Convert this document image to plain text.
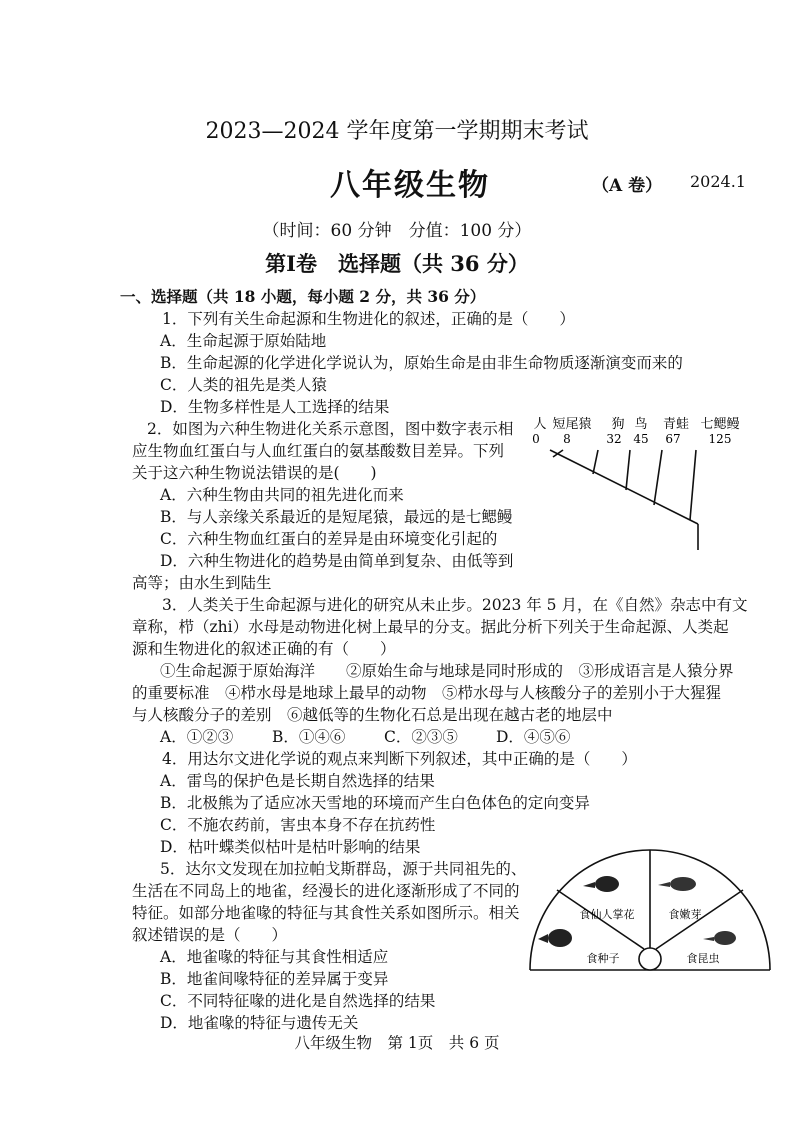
2023—2024 学年度第一学期期末考试
八年级生物	（A 卷） 2024.1
（时间：60 分钟　分值：100 分）
第Ⅰ卷　选择题（共 36 分）
一、选择题（共 18 小题，每小题 2 分，共 36 分）
1．下列有关生命起源和生物进化的叙述，正确的是（　　）
A．生命起源于原始陆地
B．生命起源的化学进化学说认为，原始生命是由非生命物质逐渐演变而来的
C．人类的祖先是类人猿
D．生物多样性是人工选择的结果
2．如图为六种生物进化关系示意图，图中数字表示相
应生物血红蛋白与人血红蛋白的氨基酸数目差异。下列
关于这六种生物说法错误的是(　　)
A．六种生物由共同的祖先进化而来
B．与人亲缘关系最近的是短尾猿，最远的是七鳃鳗
C．六种生物血红蛋白的差异是由环境变化引起的
D．六种生物进化的趋势是由简单到复杂、由低等到
高等；由水生到陆生
人 短尾猿 狗 鸟 青蛙 七鳃鳗
0 8	32 45 67 125
3．人类关于生命起源与进化的研究从未止步。2023 年 5 月，在《自然》杂志中有文
章称，栉（zhi）水母是动物进化树上最早的分支。据此分析下列关于生命起源、人类起
源和生物进化的叙述正确的有（　　）
①生命起源于原始海洋　　②原始生命与地球是同时形成的　③形成语言是人猿分界
的重要标准　④栉水母是地球上最早的动物　⑤栉水母与人核酸分子的差别小于大猩猩
与人核酸分子的差别　⑥越低等的生物化石总是出现在越古老的地层中
A．①②③	B．①④⑥ C．②③⑤ D．④⑤⑥
4．用达尔文进化学说的观点来判断下列叙述，其中正确的是（　　）
A．雷鸟的保护色是长期自然选择的结果
B．北极熊为了适应冰天雪地的环境而产生白色体色的定向变异
C．不施农药前，害虫本身不存在抗药性
D．枯叶蝶类似枯叶是枯叶影响的结果
5．达尔文发现在加拉帕戈斯群岛，源于共同祖先的、
生活在不同岛上的地雀，经漫长的进化逐渐形成了不同的
特征。如部分地雀喙的特征与其食性关系如图所示。相关
叙述错误的是（　　）
A．地雀喙的特征与其食性相适应
B．地雀间喙特征的差异属于变异
C．不同特征喙的进化是自然选择的结果
D．地雀喙的特征与遗传无关
食仙人掌花	食嫩芽
食种子	食昆虫
八年级生物　第 1页　共 6 页
